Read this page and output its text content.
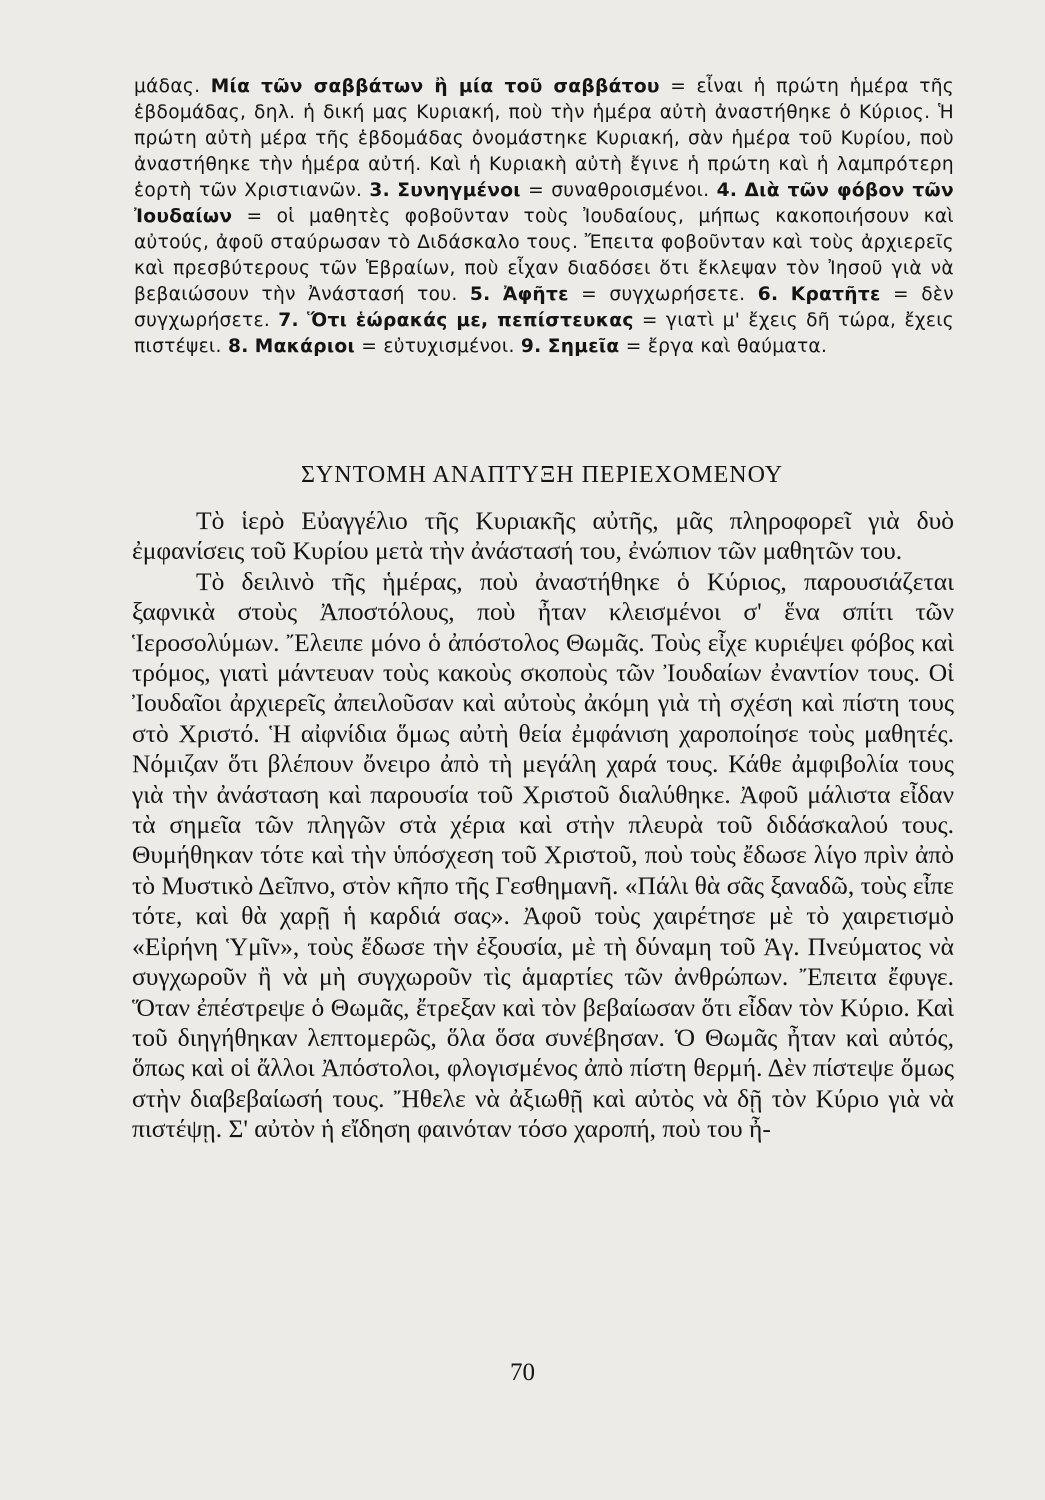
μάδας. Μία τῶν σαββάτων ἢ μία τοῦ σαββάτου = εἶναι ἡ πρώτη ἡμέρα τῆς ἑβδομάδας, δηλ. ἡ δική μας Κυριακή, ποὺ τὴν ἡμέρα αὐτὴ ἀναστήθηκε ὁ Κύριος. Ἡ πρώτη αὐτὴ μέρα τῆς ἑβδομάδας ὀνομάστηκε Κυριακή, σὰν ἡμέρα τοῦ Κυρίου, ποὺ ἀναστήθηκε τὴν ἡμέρα αὐτή. Καὶ ἡ Κυριακὴ αὐτὴ ἔγινε ἡ πρώτη καὶ ἡ λαμπρότερη ἑορτὴ τῶν Χριστιανῶν. 3. Συνηγμένοι = συναθροισμένοι. 4. Διὰ τῶν φόβον τῶν Ἰουδαίων = οἱ μαθητὲς φοβοῦνταν τοὺς Ἰουδαίους, μήπως κακοποιήσουν καὶ αὐτούς, ἀφοῦ σταύρωσαν τὸ Διδάσκαλο τους. Ἔπειτα φοβοῦνταν καὶ τοὺς ἀρχιερεῖς καὶ πρεσβύτερους τῶν Ἑβραίων, ποὺ εἶχαν διαδόσει ὅτι ἔκλεψαν τὸν Ἰησοῦ γιὰ νὰ βεβαιώσουν τὴν Ἀνάστασή του. 5. Ἀφῆτε = συγχωρήσετε. 6. Κρατῆτε = δὲν συγχωρήσετε. 7. Ὅτι ἑώρακάς με, πεπίστευκας = γιατὶ μ' ἔχεις δῆ τώρα, ἔχεις πιστέψει. 8. Μακάριοι = εὐτυχισμένοι. 9. Σημεῖα = ἔργα καὶ θαύματα.
ΣΥΝΤΟΜΗ ΑΝΑΠΤΥΞΗ ΠΕΡΙΕΧΟΜΕΝΟΥ

Τὸ ἱερὸ Εὐαγγέλιο τῆς Κυριακῆς αὐτῆς, μᾶς πληροφορεῖ γιὰ δυὸ ἐμφανίσεις τοῦ Κυρίου μετὰ τὴν ἀνάστασή του, ἐνώπιον τῶν μαθητῶν του.

Τὸ δειλινὸ τῆς ἡμέρας, ποὺ ἀναστήθηκε ὁ Κύριος, παρουσιάζεται ξαφνικὰ στοὺς Ἀποστόλους, ποὺ ἦταν κλεισμένοι σ' ἕνα σπίτι τῶν Ἱεροσολύμων. Ἔλειπε μόνο ὁ ἀπόστολος Θωμᾶς. Τοὺς εἶχε κυριέψει φόβος καὶ τρόμος, γιατὶ μάντευαν τοὺς κακοὺς σκοποὺς τῶν Ἰουδαίων ἐναντίον τους. Οἱ Ἰουδαῖοι ἀρχιερεῖς ἀπειλοῦσαν καὶ αὐτοὺς ἀκόμη γιὰ τὴ σχέση καὶ πίστη τους στὸ Χριστό. Ἡ αἰφνίδια ὅμως αὐτὴ θεία ἐμφάνιση χαροποίησε τοὺς μαθητές. Νόμιζαν ὅτι βλέπουν ὄνειρο ἀπὸ τὴ μεγάλη χαρά τους. Κάθε ἀμφιβολία τους γιὰ τὴν ἀνάσταση καὶ παρουσία τοῦ Χριστοῦ διαλύθηκε. Ἀφοῦ μάλιστα εἶδαν τὰ σημεῖα τῶν πληγῶν στὰ χέρια καὶ στὴν πλευρὰ τοῦ διδάσκαλού τους. Θυμήθηκαν τότε καὶ τὴν ὑπόσχεση τοῦ Χριστοῦ, ποὺ τοὺς ἔδωσε λίγο πρὶν ἀπὸ τὸ Μυστικὸ Δεῖπνο, στὸν κῆπο τῆς Γεσθημανῆ. «Πάλι θὰ σᾶς ξαναδῶ, τοὺς εἶπε τότε, καὶ θὰ χαρῇ ἡ καρδιά σας». Ἀφοῦ τοὺς χαιρέτησε μὲ τὸ χαιρετισμὸ «Εἰρήνη Ὑμῖν», τοὺς ἔδωσε τὴν ἐξουσία, μὲ τὴ δύναμη τοῦ Ἁγ. Πνεύματος νὰ συγχωροῦν ἢ νὰ μὴ συγχωροῦν τὶς ἁμαρτίες τῶν ἀνθρώπων. Ἔπειτα ἔφυγε. Ὅταν ἐπέστρεψε ὁ Θωμᾶς, ἔτρεξαν καὶ τὸν βεβαίωσαν ὅτι εἶδαν τὸν Κύριο. Καὶ τοῦ διηγήθηκαν λεπτομερῶς, ὅλα ὅσα συνέβησαν. Ὁ Θωμᾶς ἦταν καὶ αὐτός, ὅπως καὶ οἱ ἄλλοι Ἀπόστολοι, φλογισμένος ἀπὸ πίστη θερμή. Δὲν πίστεψε ὅμως στὴν διαβεβαίωσή τους. Ἤθελε νὰ ἀξιωθῇ καὶ αὐτὸς νὰ δῇ τὸν Κύριο γιὰ νὰ πιστέψῃ. Σ' αὐτὸν ἡ εἴδηση φαινόταν τόσο χαροπή, ποὺ του ἦ-

70
